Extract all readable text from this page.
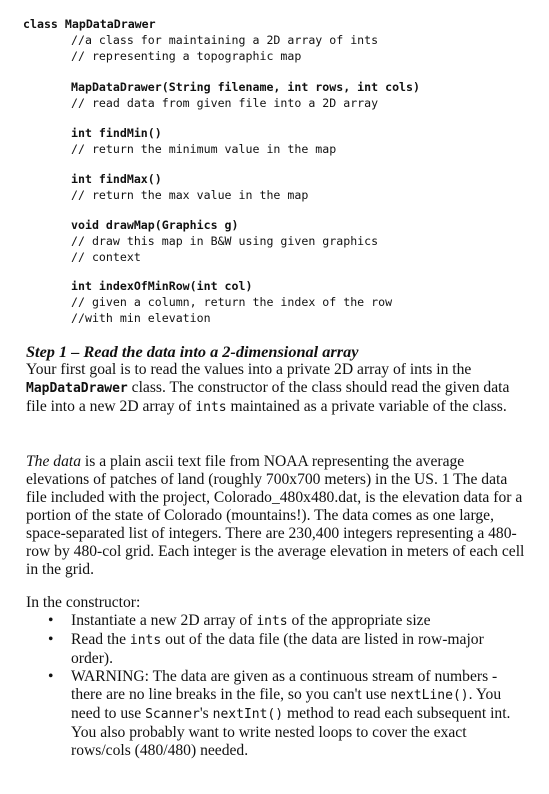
class MapDataDrawer

//a class for maintaining a 2D array of ints

// representing a topographic map

MapDataDrawer(String filename, int rows, int cols)

// read data from given file into a 2D array

int findMin()

// return the minimum value in the map

int findMax()

// return the max value in the map

void drawMap(Graphics g)

// draw this map in B&W using given graphics

// context

int indexOfMinRow(int col)

// given a column, return the index of the row

//with min elevation

Step 1 – Read the data into a 2-dimensional array
Your first goal is to read the values into a private 2D array of ints in the MapDataDrawer class. The constructor of the class should read the given data file into a new 2D array of ints maintained as a private variable of the class.
The data is a plain ascii text file from NOAA representing the average elevations of patches of land (roughly 700x700 meters) in the US. 1 The data file included with the project, Colorado_480x480.dat, is the elevation data for a portion of the state of Colorado (mountains!). The data comes as one large, space-separated list of integers. There are 230,400 integers representing a 480-row by 480-col grid. Each integer is the average elevation in meters of each cell in the grid.
In the constructor:
• Instantiate a new 2D array of ints of the appropriate size
• Read the ints out of the data file (the data are listed in row-major order).
• WARNING: The data are given as a continuous stream of numbers - there are no line breaks in the file, so you can't use nextLine(). You need to use Scanner's nextInt() method to read each subsequent int. You also probably want to write nested loops to cover the exact rows/cols (480/480) needed.
